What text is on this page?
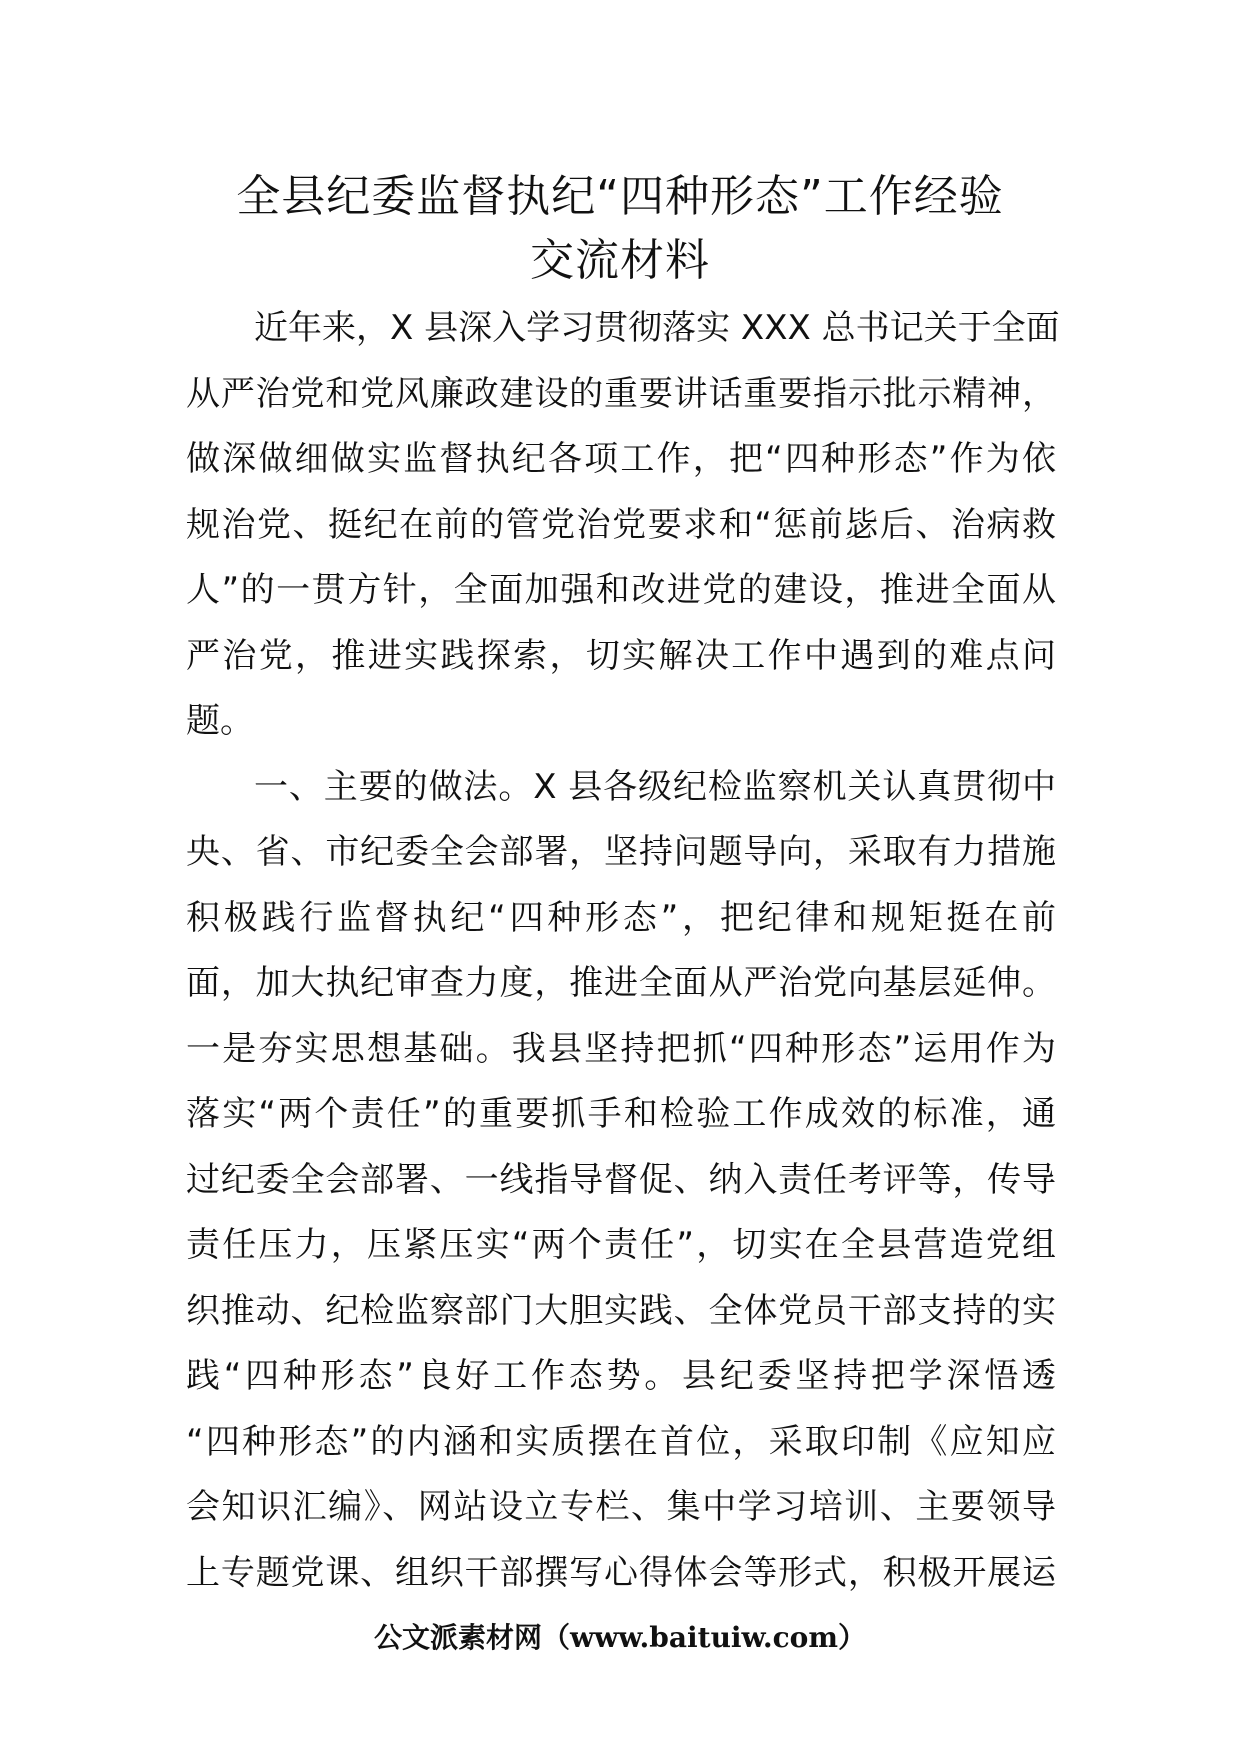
全县纪委监督执纪“四种形态”工作经验
交流材料
近年来，X 县深入学习贯彻落实 XXX 总书记关于全面
从严治党和党风廉政建设的重要讲话重要指示批示精神，
做深做细做实监督执纪各项工作，把“四种形态”作为依
规治党、挺纪在前的管党治党要求和“惩前毖后、治病救
人”的一贯方针，全面加强和改进党的建设，推进全面从
严治党，推进实践探索，切实解决工作中遇到的难点问
题。
一、主要的做法。X 县各级纪检监察机关认真贯彻中
央、省、市纪委全会部署，坚持问题导向，采取有力措施
积极践行监督执纪“四种形态”，把纪律和规矩挺在前
面，加大执纪审查力度，推进全面从严治党向基层延伸。
一是夯实思想基础。我县坚持把抓“四种形态”运用作为
落实“两个责任”的重要抓手和检验工作成效的标准，通
过纪委全会部署、一线指导督促、纳入责任考评等，传导
责任压力，压紧压实“两个责任”，切实在全县营造党组
织推动、纪检监察部门大胆实践、全体党员干部支持的实
践“四种形态”良好工作态势。县纪委坚持把学深悟透
“四种形态”的内涵和实质摆在首位，采取印制《应知应
会知识汇编》、网站设立专栏、集中学习培训、主要领导
上专题党课、组织干部撰写心得体会等形式，积极开展运
公文派素材网（www.baituiw.com）
